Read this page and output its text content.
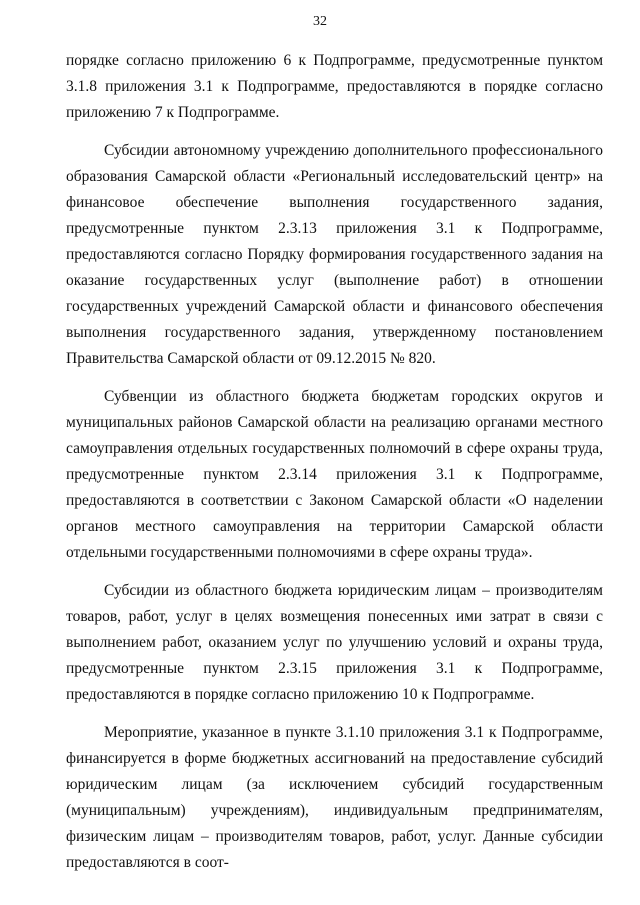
32

порядке согласно приложению 6 к Подпрограмме, предусмотренные пунктом 3.1.8 приложения 3.1 к Подпрограмме, предоставляются в порядке согласно приложению 7 к Подпрограмме.

Субсидии автономному учреждению дополнительного профессионального образования Самарской области «Региональный исследовательский центр» на финансовое обеспечение выполнения государственного задания, предусмотренные пунктом 2.3.13 приложения 3.1 к Подпрограмме, предоставляются согласно Порядку формирования государственного задания на оказание государственных услуг (выполнение работ) в отношении государственных учреждений Самарской области и финансового обеспечения выполнения государственного задания, утвержденному постановлением Правительства Самарской области от 09.12.2015 № 820.

Субвенции из областного бюджета бюджетам городских округов и муниципальных районов Самарской области на реализацию органами местного самоуправления отдельных государственных полномочий в сфере охраны труда, предусмотренные пунктом 2.3.14 приложения 3.1 к Подпрограмме, предоставляются в соответствии с Законом Самарской области «О наделении органов местного самоуправления на территории Самарской области отдельными государственными полномочиями в сфере охраны труда».

Субсидии из областного бюджета юридическим лицам – производителям товаров, работ, услуг в целях возмещения понесенных ими затрат в связи с выполнением работ, оказанием услуг по улучшению условий и охраны труда, предусмотренные пунктом 2.3.15 приложения 3.1 к Подпрограмме, предоставляются в порядке согласно приложению 10 к Подпрограмме.

Мероприятие, указанное в пункте 3.1.10 приложения 3.1 к Подпрограмме, финансируется в форме бюджетных ассигнований на предоставление субсидий юридическим лицам (за исключением субсидий государственным (муниципальным) учреждениям), индивидуальным предпринимателям, физическим лицам – производителям товаров, работ, услуг. Данные субсидии предоставляются в соот-
